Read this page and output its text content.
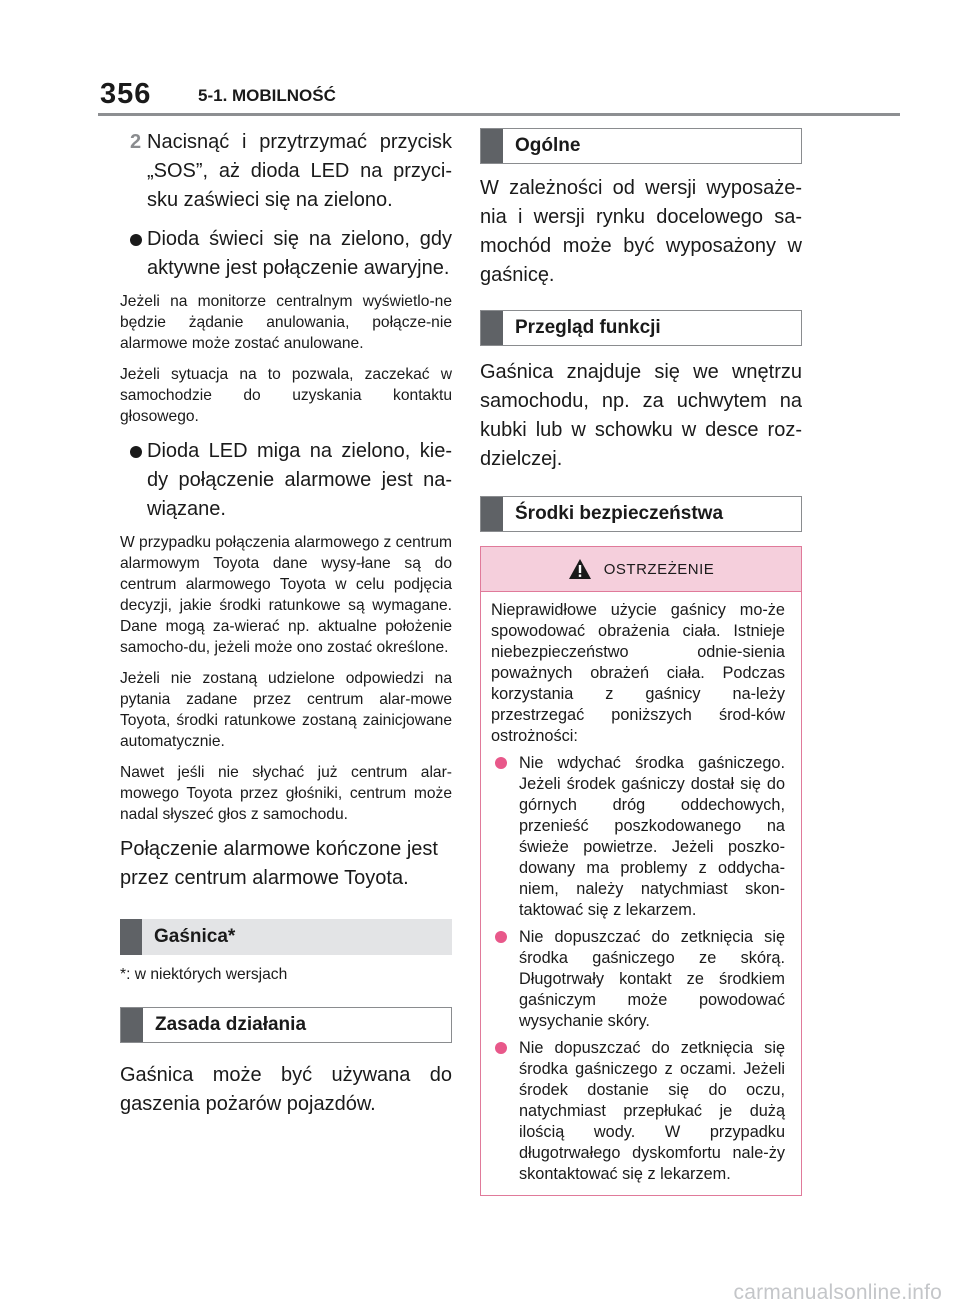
356	5-1. MOBILNOŚĆ
2 Nacisnąć i przytrzymać przycisk „SOS”, aż dioda LED na przyci-sku zaświeci się na zielono.
Dioda świeci się na zielono, gdy aktywne jest połączenie awaryjne.

Jeżeli na monitorze centralnym wyświetlo-ne będzie żądanie anulowania, połącze-nie alarmowe może zostać anulowane.

Jeżeli sytuacja na to pozwala, zaczekać w samochodzie do uzyskania kontaktu głosowego.

Dioda LED miga na zielono, kie-dy połączenie alarmowe jest na-wiązane.

W przypadku połączenia alarmowego z centrum alarmowym Toyota dane wysy-łane są do centrum alarmowego Toyota w celu podjęcia decyzji, jakie środki ratunkowe są wymagane. Dane mogą za-wierać np. aktualne położenie samocho-du, jeżeli może ono zostać określone.

Jeżeli nie zostaną udzielone odpowiedzi na pytania zadane przez centrum alar-mowe Toyota, środki ratunkowe zostaną zainicjowane automatycznie.

Nawet jeśli nie słychać już centrum alar-mowego Toyota przez głośniki, centrum może nadal słyszeć głos z samochodu.

Połączenie alarmowe kończone jest przez centrum alarmowe Toyota.

Gaśnica*

*: w niektórych wersjach

Zasada działania

Gaśnica może być używana do gaszenia pożarów pojazdów.

Ogólne

W zależności od wersji wyposaże-nia i wersji rynku docelowego sa-mochód może być wyposażony w gaśnicę.

Przegląd funkcji

Gaśnica znajduje się we wnętrzu samochodu, np. za uchwytem na kubki lub w schowku w desce roz-dzielczej.

Środki bezpieczeństwa
OSTRZEŻENIE

Nieprawidłowe użycie gaśnicy mo-że spowodować obrażenia ciała. Istnieje niebezpieczeństwo odnie-sienia poważnych obrażeń ciała. Podczas korzystania z gaśnicy na-leży przestrzegać poniższych środ-ków ostrożności:

Nie wdychać środka gaśniczego. Jeżeli środek gaśniczy dostał się do górnych dróg oddechowych, przenieść poszkodowanego na świeże powietrze. Jeżeli poszko-dowany ma problemy z oddycha-niem, należy natychmiast skon-taktować się z lekarzem.
Nie dopuszczać do zetknięcia się środka gaśniczego ze skórą. Długotrwały kontakt ze środkiem gaśniczym może powodować wysychanie skóry.
Nie dopuszczać do zetknięcia się środka gaśniczego z oczami. Jeżeli środek dostanie się do oczu, natychmiast przepłukać je dużą ilością wody. W przypadku długotrwałego dyskomfortu nale-ży skontaktować się z lekarzem.
carmanualsonline.info
